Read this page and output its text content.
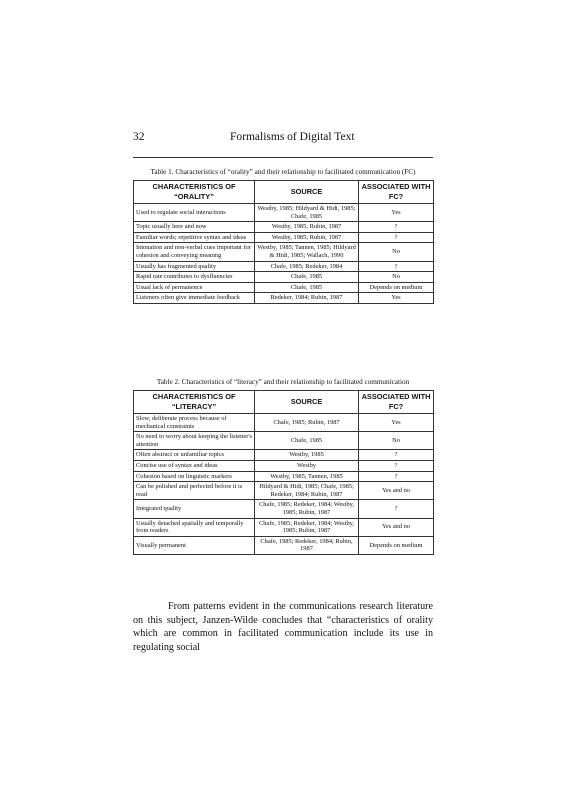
32	Formalisms of Digital Text
Table 1. Characteristics of “orality” and their relationship to facilitated communication (FC)
CHARACTERISTICS OF “ORALITY”	SOURCE	ASSOCIATED WITH FC?
Used to regulate social interactions	Westby, 1985; Hildyard & Hidi, 1985; Chafe, 1985	Yes
Topic usually here and now	Westby, 1985; Rubin, 1987	?
Familiar words; repetitive syntax and ideas	Westby, 1985; Rubin, 1987	?
Intonation and non-verbal cues important for cohesion and conveying meaning	Westby, 1985; Tannen, 1985; Hildyard & Hidi, 1985; Wallach, 1990	No
Usually has fragmented quality	Chafe, 1985; Redeker, 1984	?
Rapid rate contributes to dysfluencies	Chafe, 1985	No
Usual lack of permanence	Chafe, 1985	Depends on medium
Listeners often give immediate feedback	Redeker, 1984; Rubin, 1987	Yes
Table 2. Characteristics of “literacy” and their relationship to facilitated communication
CHARACTERISTICS OF “LITERACY”	SOURCE	ASSOCIATED WITH FC?
Slow, deliberate process because of mechanical constraints	Chafe, 1985; Rubin, 1987	Yes
No need to worry about keeping the listener's attention	Chafe, 1985	No
Often abstract or unfamiliar topics	Westby, 1985	?
Concise use of syntax and ideas	Westby	?
Cohesion based on linguistic markers	Westby, 1985; Tannen, 1985	?
Can be polished and perfected before it is read	Hildyard & Hidi, 1985; Chafe, 1985; Redeker, 1984; Rubin, 1987	Yes and no
Integrated quality	Chafe, 1985; Redeker, 1984; Westby, 1985; Rubin, 1987	?
Usually detached spatially and temporally from readers	Chafe, 1985; Redeker, 1984; Westby, 1985; Rubin, 1987	Yes and no
Visually permanent	Chafe, 1985; Redeker, 1984; Rubin, 1987	Depends on medium

From patterns evident in the communications research literature on this subject, Janzen-Wilde concludes that “characteristics of orality which are common in facilitated communication include its use in regulating social
